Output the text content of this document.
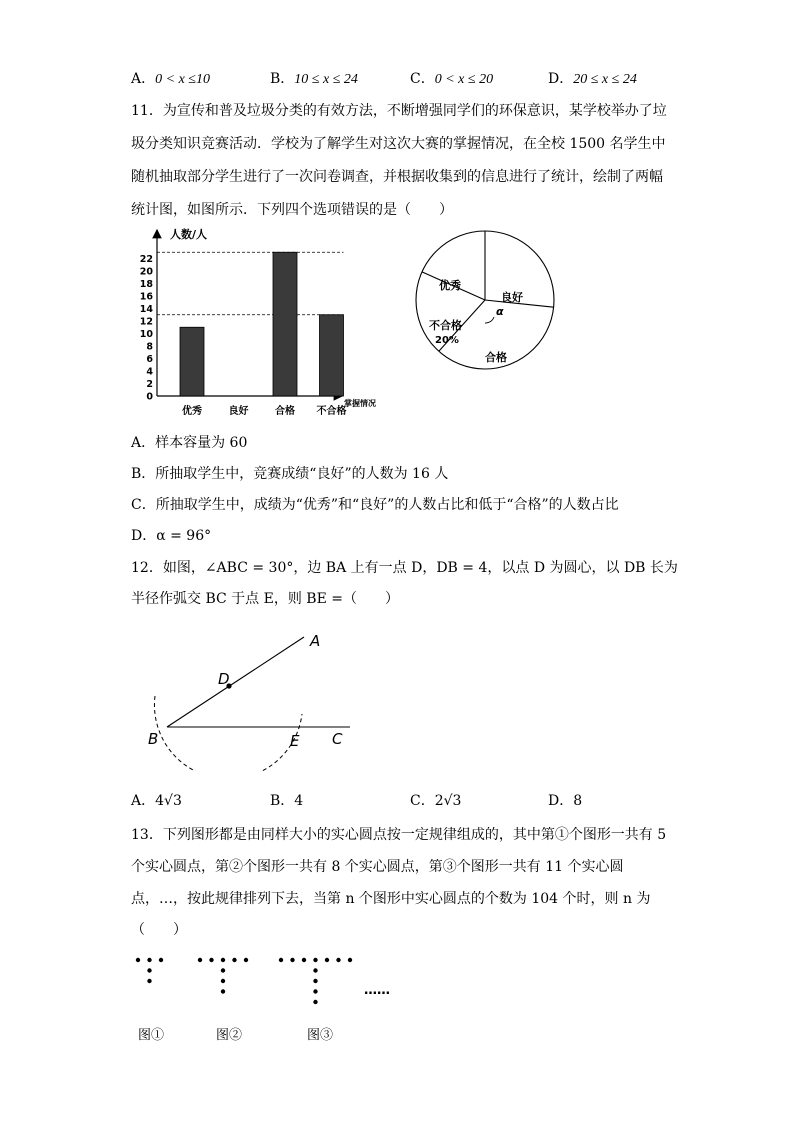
A．0 < x ≤10	B．10 ≤ x ≤ 24	C．0 < x ≤ 20	D．20 ≤ x ≤ 24
11．为宣传和普及垃圾分类的有效方法，不断增强同学们的环保意识，某学校举办了垃
圾分类知识竞赛活动．学校为了解学生对这次大赛的掌握情况，在全校 1500 名学生中
随机抽取部分学生进行了一次问卷调查，并根据收集到的信息进行了统计，绘制了两幅
统计图，如图所示．下列四个选项错误的是（　　）
人数/人
掌握情况
0
2
4
6
8
10
12
14
16
18
20
22
优秀	良好	合格 不合格
优秀
良好
合格
不合格
20%
α
A．样本容量为 60
B．所抽取学生中，竞赛成绩“良好”的人数为 16 人
C．所抽取学生中，成绩为“优秀”和“良好”的人数占比和低于“合格”的人数占比
D．α = 96°
12．如图，∠ABC = 30°，边 BA 上有一点 D，DB = 4，以点 D 为圆心，以 DB 长为
半径作弧交 BC 于点 E，则 BE =（　　）
A
D
B	E C
A．4√3	B．4	C．2√3	D．8
13．下列图形都是由同样大小的实心圆点按一定规律组成的，其中第①个图形一共有 5
个实心圆点，第②个图形一共有 8 个实心圆点，第③个图形一共有 11 个实心圆
点，…，按此规律排列下去，当第 n 个图形中实心圆点的个数为 104 个时，则 n 为
（　　）
……
图①	图②	图③
